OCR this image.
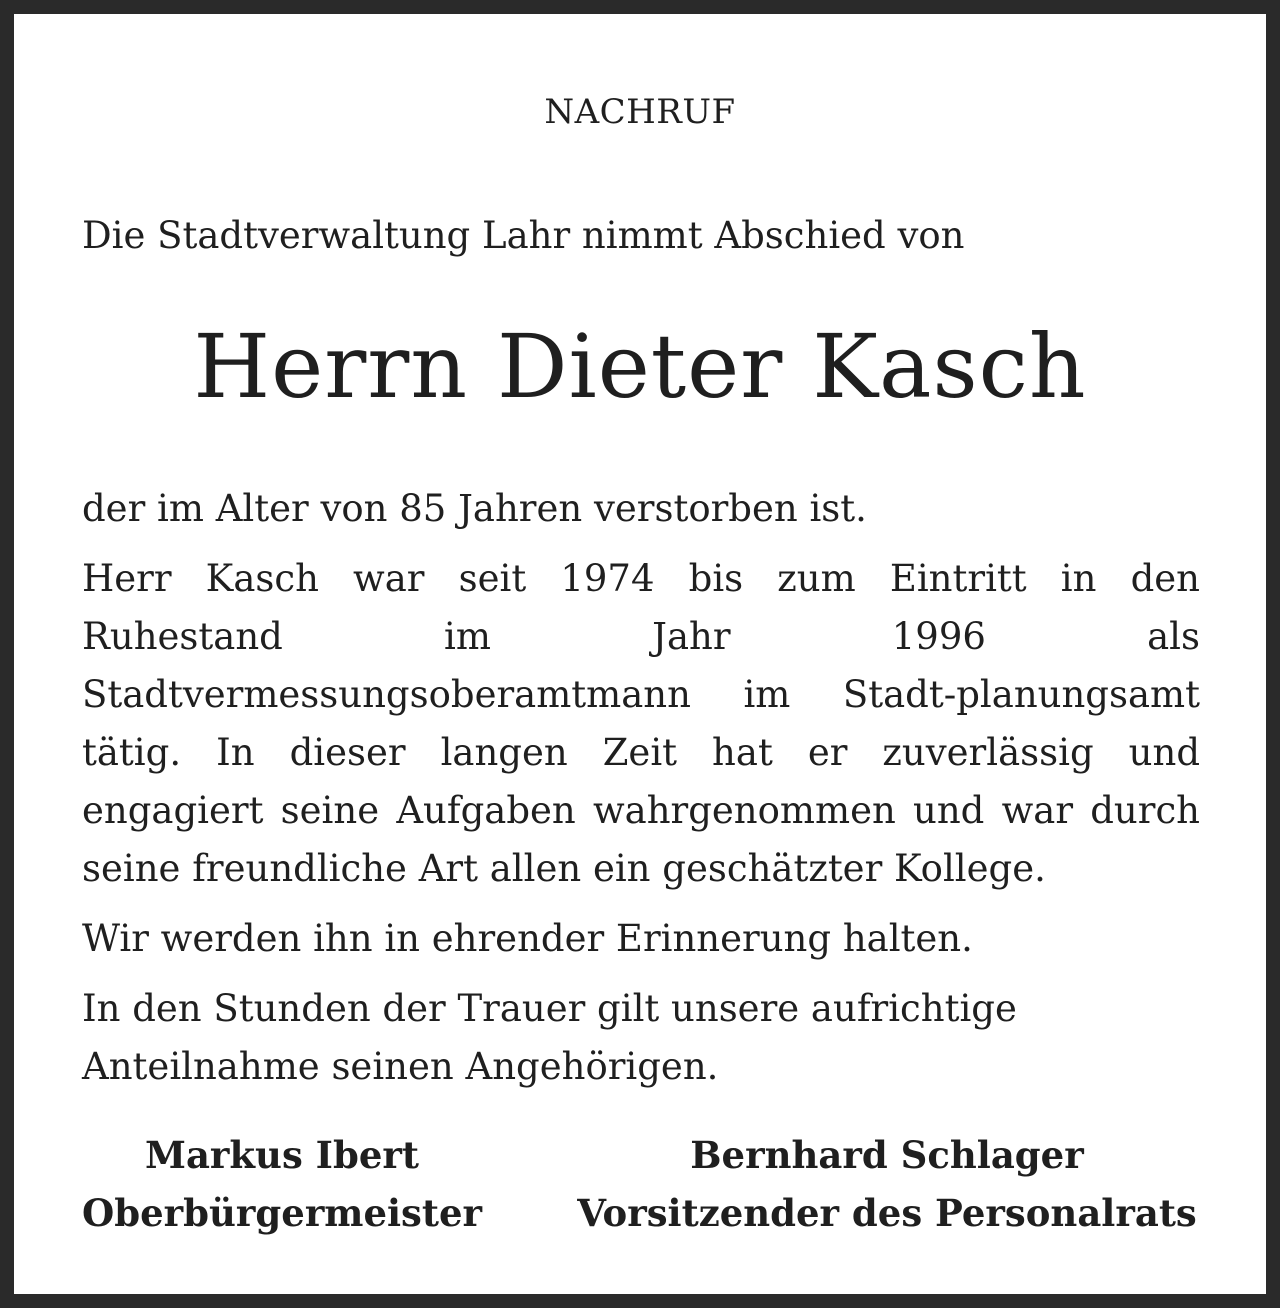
NACHRUF
Die Stadtverwaltung Lahr nimmt Abschied von
Herrn Dieter Kasch

der im Alter von 85 Jahren verstorben ist.

Herr Kasch war seit 1974 bis zum Eintritt in den Ruhestand im Jahr 1996 als Stadtvermessungsoberamtmann im Stadt-planungsamt tätig. In dieser langen Zeit hat er zuverlässig und engagiert seine Aufgaben wahrgenommen und war durch seine freundliche Art allen ein geschätzter Kollege.

Wir werden ihn in ehrender Erinnerung halten.

In den Stunden der Trauer gilt unsere aufrichtige Anteilnahme seinen Angehörigen.

Markus Ibert
Oberbürgermeister
Bernhard Schlager
Vorsitzender des Personalrats
